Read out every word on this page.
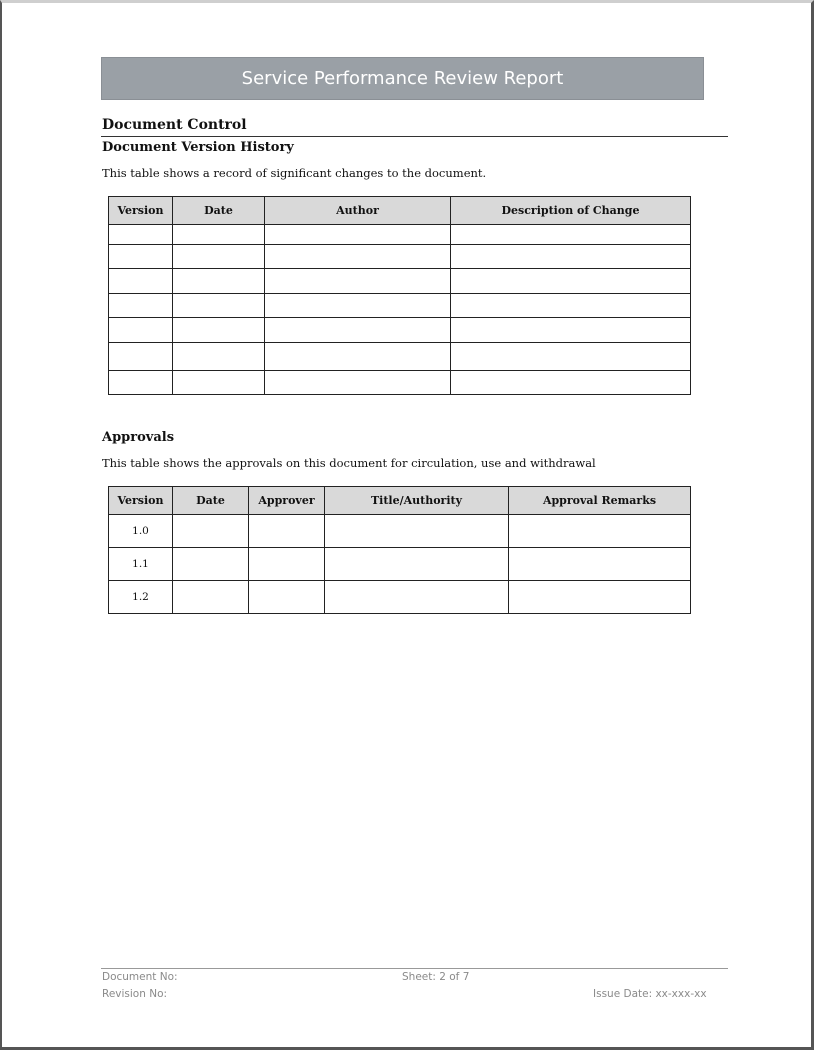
Service Performance Review Report
Document Control
Document Version History
This table shows a record of significant changes to the document.
Version	Date	Author	Description of Change

Approvals
This table shows the approvals on this document for circulation, use and withdrawal
Version	Date	Approver	Title/Authority	Approval Remarks
1.0				
1.1				
1.2				
Document No:
Revision No:
Sheet: 2 of 7
Issue Date: xx-xxx-xx
